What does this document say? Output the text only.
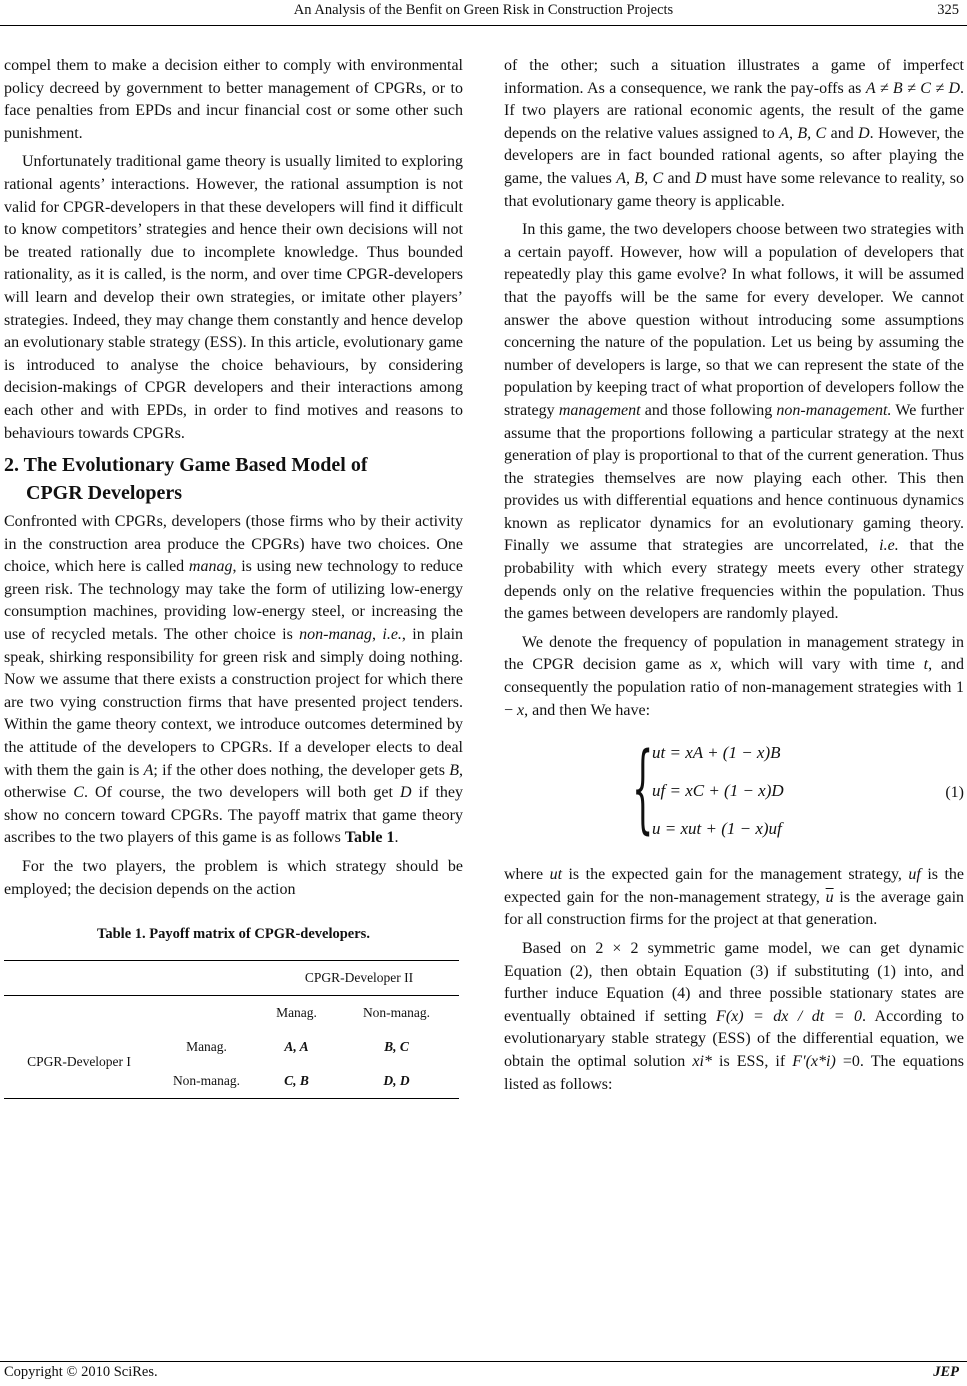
An Analysis of the Benfit on Green Risk in Construction Projects	325

compel them to make a decision either to comply with environmental policy decreed by government to better management of CPGRs, or to face penalties from EPDs and incur financial cost or some other such punishment.

Unfortunately traditional game theory is usually limited to exploring rational agents’ interactions. However, the rational assumption is not valid for CPGR-developers in that these developers will find it difficult to know competitors’ strategies and hence their own decisions will not be treated rationally due to incomplete knowledge. Thus bounded rationality, as it is called, is the norm, and over time CPGR-developers will learn and develop their own strategies, or imitate other players’ strategies. Indeed, they may change them constantly and hence develop an evolutionary stable strategy (ESS). In this article, evolutionary game is introduced to analyse the choice behaviours, by considering decision-makings of CPGR developers and their interactions among each other and with EPDs, in order to find motives and reasons to behaviours towards CPGRs.

2. The Evolutionary Game Based Model of
CPGR Developers

Confronted with CPGRs, developers (those firms who by their activity in the construction area produce the CPGRs) have two choices. One choice, which here is called manag, is using new technology to reduce green risk. The technology may take the form of utilizing low-energy consumption machines, providing low-energy steel, or increasing the use of recycled metals. The other choice is non-manag, i.e., in plain speak, shirking responsibility for green risk and simply doing nothing. Now we assume that there exists a construction project for which there are two vying construction firms that have presented project tenders. Within the game theory context, we introduce outcomes determined by the attitude of the developers to CPGRs. If a developer elects to deal with them the gain is A; if the other does nothing, the developer gets B, otherwise C. Of course, the two developers will both get D if they show no concern toward CPGRs. The payoff matrix that game theory ascribes to the two players of this game is as follows Table 1.

For the two players, the problem is which strategy should be employed; the decision depends on the action

Table 1. Payoff matrix of CPGR-developers.
		CPGR-Developer II	
CPGR-Developer I		Manag.	Non-manag.
	Manag.	A, A	B, C
	Non-manag.	C, B	D, D

of the other; such a situation illustrates a game of imperfect information. As a consequence, we rank the pay-offs as A ≠ B ≠ C ≠ D. If two players are rational economic agents, the result of the game depends on the relative values assigned to A, B, C and D. However, the developers are in fact bounded rational agents, so after playing the game, the values A, B, C and D must have some relevance to reality, so that evolutionary game theory is applicable.

In this game, the two developers choose between two strategies with a certain payoff. However, how will a population of developers that repeatedly play this game evolve? In what follows, it will be assumed that the payoffs will be the same for every developer. We cannot answer the above question without introducing some assumptions concerning the nature of the population. Let us being by assuming the number of developers is large, so that we can represent the state of the population by keeping tract of what proportion of developers follow the strategy management and those following non-management. We further assume that the proportions following a particular strategy at the next generation of play is proportional to that of the current generation. Thus the strategies themselves are now playing each other. This then provides us with differential equations and hence continuous dynamics known as replicator dynamics for an evolutionary gaming theory. Finally we assume that strategies are uncorrelated, i.e. that the probability with which every strategy meets every other strategy depends only on the relative frequencies within the population. Thus the games between developers are randomly played.

We denote the frequency of population in management strategy in the CPGR decision game as x, which will vary with time t, and consequently the population ratio of non-management strategies with 1 − x, and then We have:

{
ut = xA + (1 − x)B
uf = xC + (1 − x)D
u = xut + (1 − x)uf
(1)

where ut is the expected gain for the management strategy, uf is the expected gain for the non-management strategy, $\overline{u}$ is the average gain for all construction firms for the project at that generation.

Based on 2 × 2 symmetric game model, we can get dynamic Equation (2), then obtain Equation (3) if substituting (1) into, and further induce Equation (4) and three possible stationary states are eventually obtained if setting F(x) = dx / dt = 0. According to evolutionaryary stable strategy (ESS) of the differential equation, we obtain the optimal solution xi* is ESS, if F′(x*i) =0. The equations listed as follows:

Copyright © 2010 SciRes.	JEP
